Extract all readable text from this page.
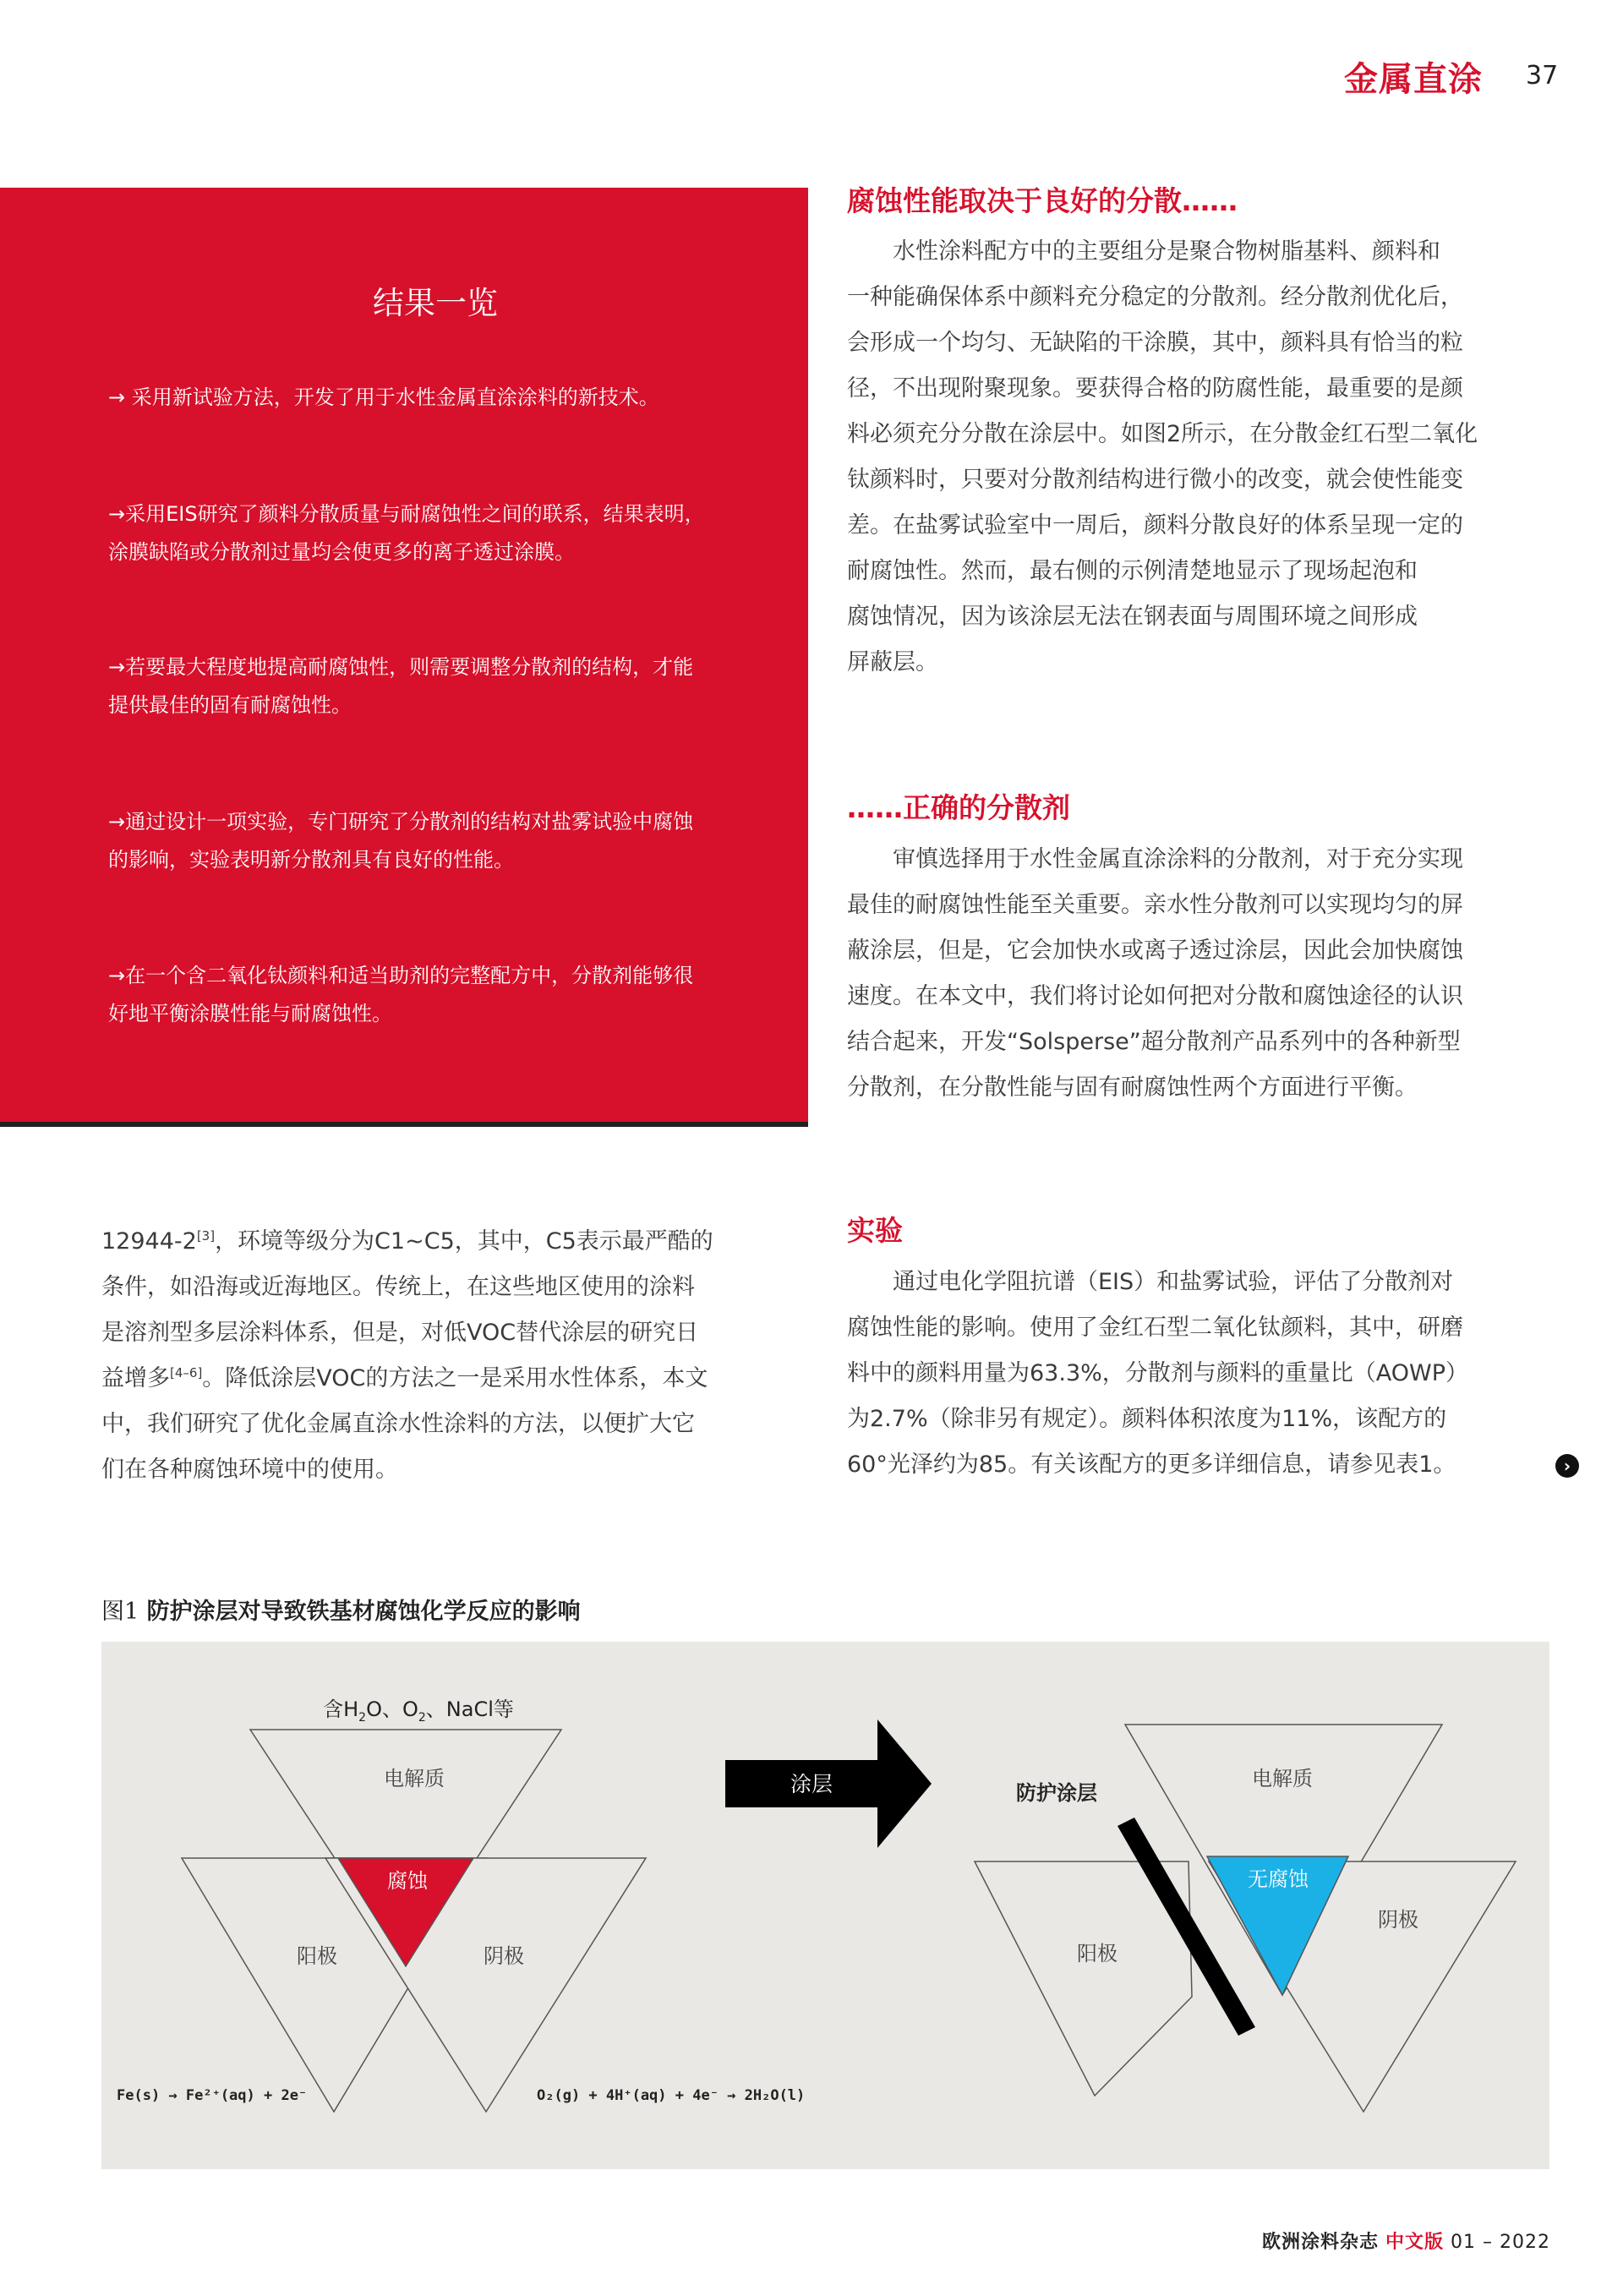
金属直涂 37
结果一览
→ 采用新试验方法，开发了用于水性金属直涂涂料的新技术。
→采用EIS研究了颜料分散质量与耐腐蚀性之间的联系，结果表明，
涂膜缺陷或分散剂过量均会使更多的离子透过涂膜。
→若要最大程度地提高耐腐蚀性，则需要调整分散剂的结构，才能
提供最佳的固有耐腐蚀性。
→通过设计一项实验，专门研究了分散剂的结构对盐雾试验中腐蚀
的影响，实验表明新分散剂具有良好的性能。
→在一个含二氧化钛颜料和适当助剂的完整配方中，分散剂能够很
好地平衡涂膜性能与耐腐蚀性。
腐蚀性能取决于良好的分散……
水性涂料配方中的主要组分是聚合物树脂基料、颜料和
一种能确保体系中颜料充分稳定的分散剂。经分散剂优化后，
会形成一个均匀、无缺陷的干涂膜，其中，颜料具有恰当的粒
径，不出现附聚现象。要获得合格的防腐性能，最重要的是颜
料必须充分分散在涂层中。如图2所示，在分散金红石型二氧化
钛颜料时，只要对分散剂结构进行微小的改变，就会使性能变
差。在盐雾试验室中一周后，颜料分散良好的体系呈现一定的
耐腐蚀性。然而，最右侧的示例清楚地显示了现场起泡和
腐蚀情况，因为该涂层无法在钢表面与周围环境之间形成
屏蔽层。
……正确的分散剂
审慎选择用于水性金属直涂涂料的分散剂，对于充分实现
最佳的耐腐蚀性能至关重要。亲水性分散剂可以实现均匀的屏
蔽涂层，但是，它会加快水或离子透过涂层，因此会加快腐蚀
速度。在本文中，我们将讨论如何把对分散和腐蚀途径的认识
结合起来，开发“Solsperse”超分散剂产品系列中的各种新型
分散剂，在分散性能与固有耐腐蚀性两个方面进行平衡。
12944-2[3]，环境等级分为C1~C5，其中，C5表示最严酷的
条件，如沿海或近海地区。传统上，在这些地区使用的涂料
是溶剂型多层涂料体系，但是，对低VOC替代涂层的研究日
益增多[4–6]。降低涂层VOC的方法之一是采用水性体系，本文
中，我们研究了优化金属直涂水性涂料的方法，以便扩大它
们在各种腐蚀环境中的使用。
实验
通过电化学阻抗谱（EIS）和盐雾试验，评估了分散剂对
腐蚀性能的影响。使用了金红石型二氧化钛颜料，其中，研磨
料中的颜料用量为63.3%，分散剂与颜料的重量比（AOWP）
为2.7%（除非另有规定）。颜料体积浓度为11%，该配方的
60°光泽约为85。有关该配方的更多详细信息，请参见表1。	›
图1 防护涂层对导致铁基材腐蚀化学反应的影响
含$H_2O$、$O_2$、NaCl等
电解质
腐蚀
阳极	阴极
Fe(s) → Fe²⁺(aq) + 2e⁻	O₂(g) + 4H⁺(aq) + 4e⁻ → 2H₂O(l)
涂层	防护涂层
电解质
无腐蚀
阳极
阴极
欧洲涂料杂志 中文版 01 – 2022
